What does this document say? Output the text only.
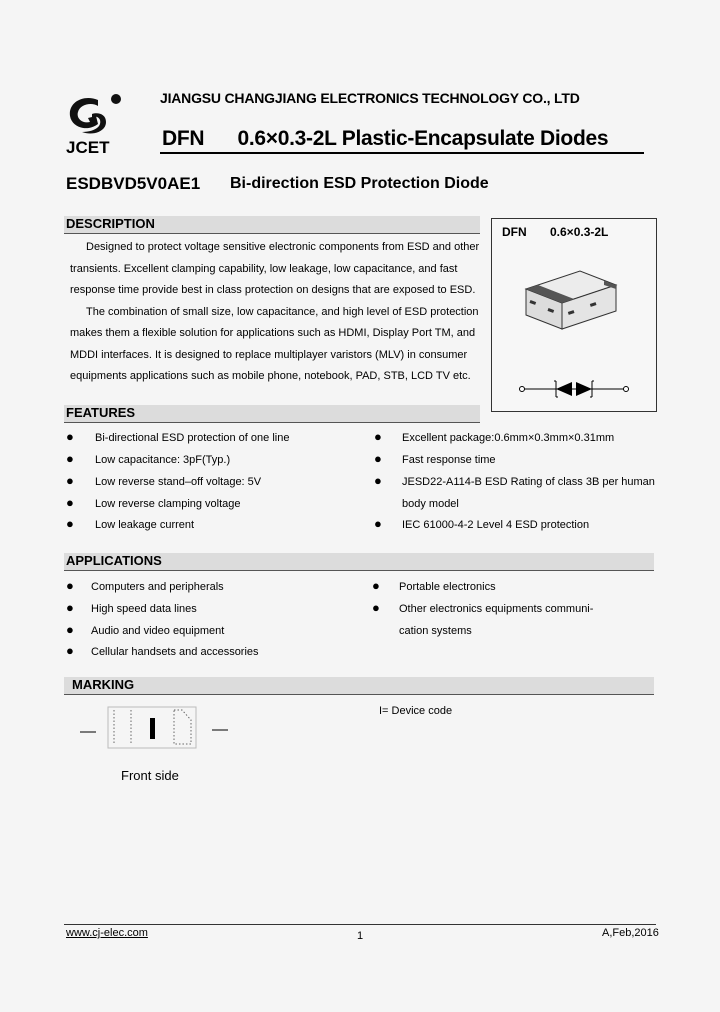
JCET
JIANGSU CHANGJIANG ELECTRONICS TECHNOLOGY CO., LTD
DFN      0.6×0.3-2L Plastic-Encapsulate Diodes
ESDBVD5V0AE1 Bi-direction ESD Protection Diode
DESCRIPTION

Designed to protect voltage sensitive electronic components from ESD and other

transients. Excellent clamping capability, low leakage, low capacitance, and fast

response time provide best in class protection on designs that are exposed to ESD.

The combination of small size, low capacitance, and high level of ESD protection

makes them a flexible solution for applications such as HDMI, Display Port TM, and

MDDI interfaces. It is designed to replace multiplayer varistors (MLV) in consumer

equipments applications such as mobile phone, notebook, PAD, STB, LCD TV etc.

DFN 0.6×0.3-2L
FEATURES
● Bi-directional ESD protection of one line
● Low capacitance: 3pF(Typ.)
● Low reverse stand–off voltage: 5V
● Low reverse clamping voltage
● Low leakage current
● Excellent package:0.6mm×0.3mm×0.31mm
● Fast response time
● JESD22-A114-B ESD Rating of class 3B per human
body model
● IEC 61000-4-2 Level 4 ESD protection
APPLICATIONS
● Computers and peripherals
● High speed data lines
● Audio and video equipment
● Cellular handsets and accessories
● Portable electronics
● Other electronics equipments communi-
cation systems
MARKING
I= Device code
Front side
www.cj-elec.com	1	A,Feb,2016
